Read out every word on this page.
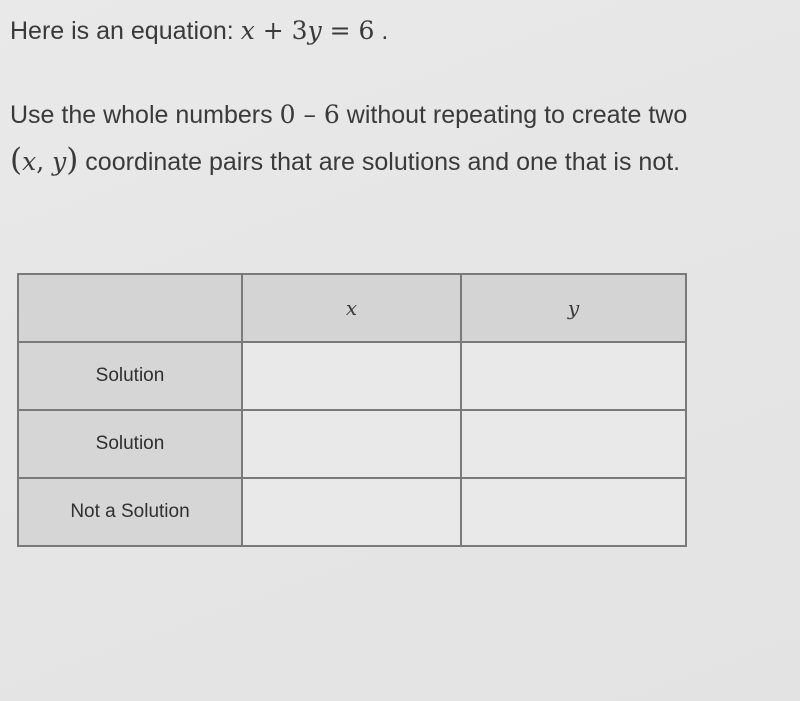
Here is an equation: x + 3y = 6 .

Use the whole numbers 0 – 6 without repeating to create two (x, y) coordinate pairs that are solutions and one that is not.

	x	y
Solution		
Solution		
Not a Solution		
